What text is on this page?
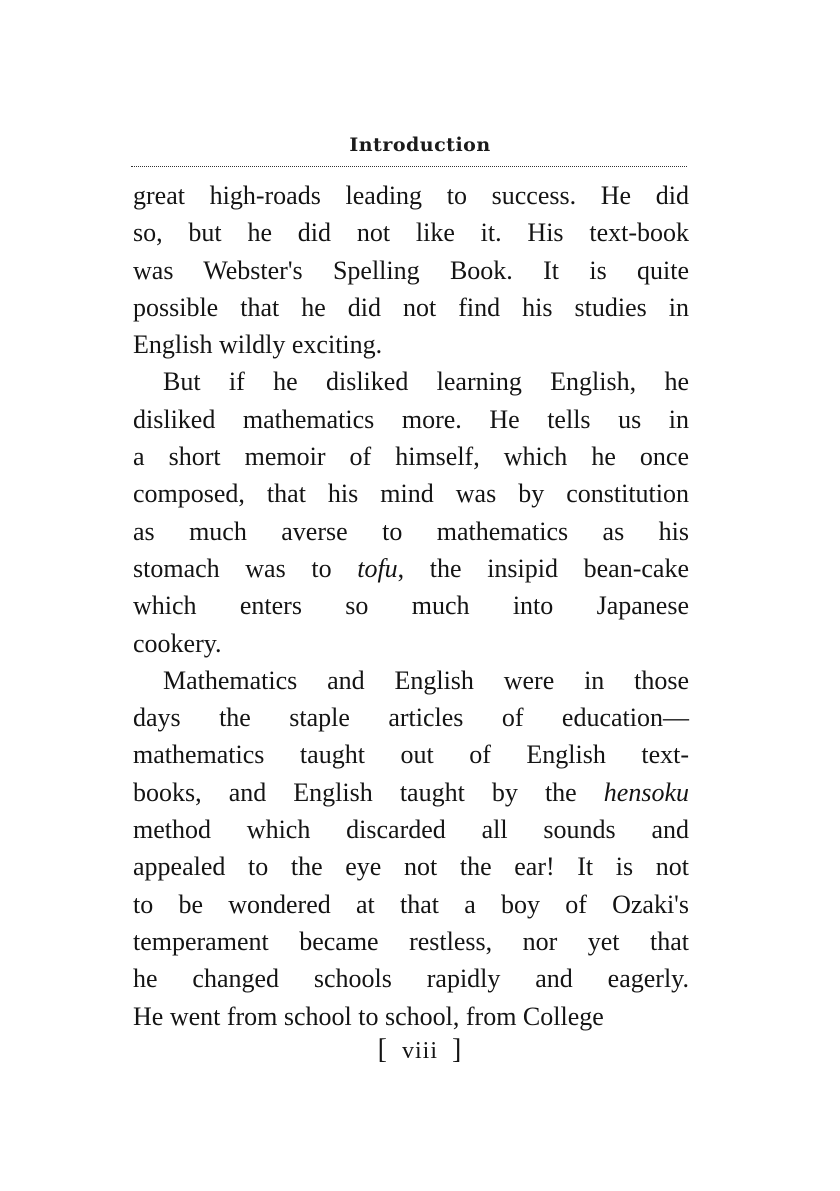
Introduction
great high-roads leading to success. He did
so, but he did not like it. His text-book
was Webster's Spelling Book. It is quite
possible that he did not find his studies in
English wildly exciting.
But if he disliked learning English, he
disliked mathematics more. He tells us in
a short memoir of himself, which he once
composed, that his mind was by constitution
as much averse to mathematics as his
stomach was to tofu, the insipid bean-cake
which enters so much into Japanese
cookery.
Mathematics and English were in those
days the staple articles of education—
mathematics taught out of English text-
books, and English taught by the hensoku
method which discarded all sounds and
appealed to the eye not the ear! It is not
to be wondered at that a boy of Ozaki's
temperament became restless, nor yet that
he changed schools rapidly and eagerly.
He went from school to school, from College
[ viii ]
